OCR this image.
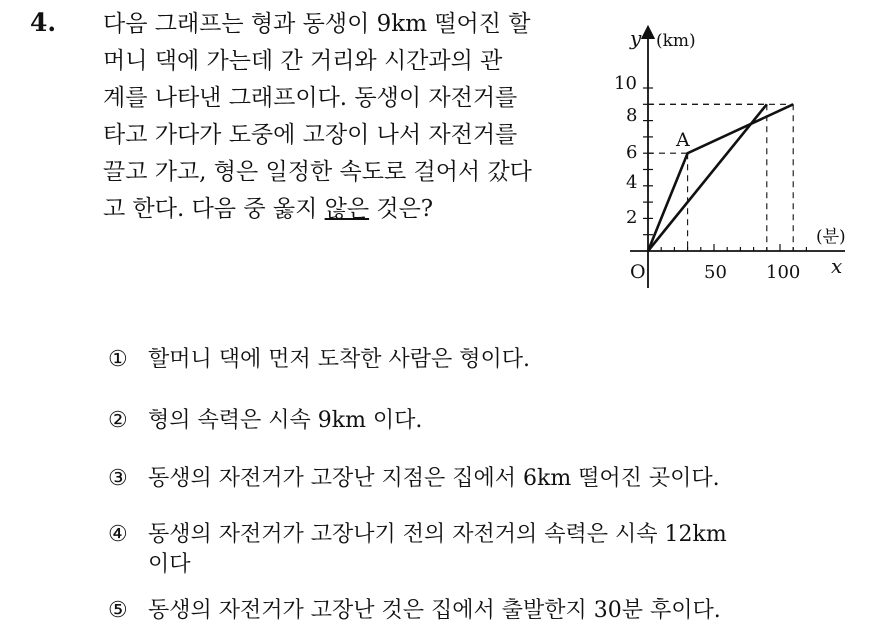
4. 다음 그래프는 형과 동생이 9km 떨어진 할
머니 댁에 가는데 간 거리와 시간과의 관
계를 나타낸 그래프이다. 동생이 자전거를
타고 가다가 도중에 고장이 나서 자전거를
끌고 가고, 형은 일정한 속도로 걸어서 갔다
고 한다. 다음 중 옳지 않은 것은?
y (km)
(분)
x
O
10
8
6
4
2
50 100
A
① 할머니 댁에 먼저 도착한 사람은 형이다.
② 형의 속력은 시속 9km 이다.
③ 동생의 자전거가 고장난 지점은 집에서 6km 떨어진 곳이다.
④ 동생의 자전거가 고장나기 전의 자전거의 속력은 시속 12km
이다
⑤ 동생의 자전거가 고장난 것은 집에서 출발한지 30분 후이다.
